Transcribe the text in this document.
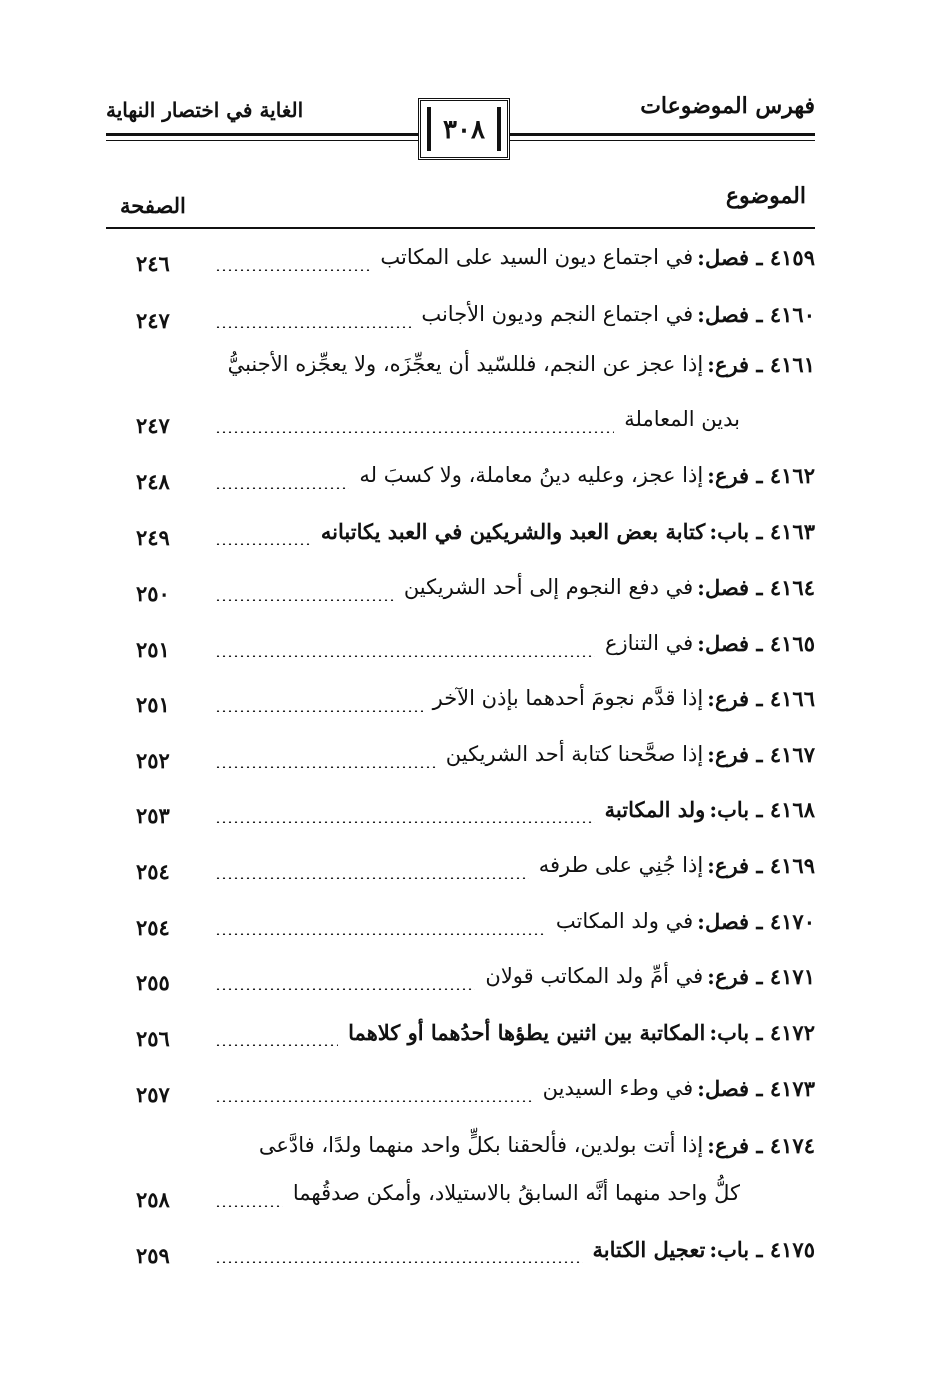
فهرس الموضوعات
الغاية في اختصار النهاية
٣٠٨
الموضوع
الصفحة
٤١٥٩ ـ فصل:
في اجتماع ديون السيد على المكاتب
٢٤٦
٤١٦٠ ـ فصل:
في اجتماع النجم وديون الأجانب
٢٤٧
٤١٦١ ـ فرع:
إذا عجز عن النجم، فللسّيد أن يعجِّزَه، ولا يعجِّزه الأجنبيُّ
بدين المعاملة
٢٤٧
٤١٦٢ ـ فرع:
إذا عجز، وعليه دينُ معاملة، ولا كسبَ له
٢٤٨
٤١٦٣ ـ باب:
كتابة بعض العبد والشريكين في العبد يكاتبانه
٢٤٩
٤١٦٤ ـ فصل:
في دفع النجوم إلى أحد الشريكين
٢٥٠
٤١٦٥ ـ فصل:
في التنازع
٢٥١
٤١٦٦ ـ فرع:
إذا قدَّم نجومَ أحدهما بإذن الآخر
٢٥١
٤١٦٧ ـ فرع:
إذا صحَّحنا كتابة أحد الشريكين
٢٥٢
٤١٦٨ ـ باب:
ولد المكاتبة
٢٥٣
٤١٦٩ ـ فرع:
إذا جُنِي على طرفه
٢٥٤
٤١٧٠ ـ فصل:
في ولد المكاتب
٢٥٤
٤١٧١ ـ فرع:
في أمِّ ولد المكاتب قولان
٢٥٥
٤١٧٢ ـ باب:
المكاتبة بين اثنين يطؤها أحدُهما أو كلاهما
٢٥٦
٤١٧٣ ـ فصل:
في وطء السيدين
٢٥٧
٤١٧٤ ـ فرع:
إذا أتت بولدين، فألحقنا بكلٍّ واحد منهما ولدًا، فادَّعى
كلُّ واحد منهما أنَّه السابقُ بالاستيلاد، وأمكن صدقُهما
٢٥٨
٤١٧٥ ـ باب:
تعجيل الكتابة
٢٥٩
